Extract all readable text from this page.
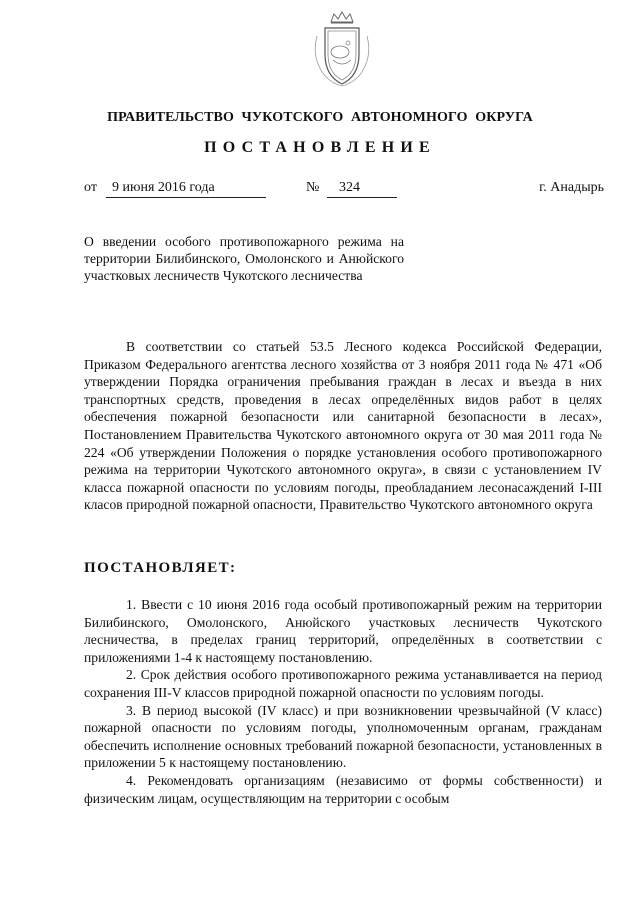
ПРАВИТЕЛЬСТВО ЧУКОТСКОГО АВТОНОМНОГО ОКРУГА
ПОСТАНОВЛЕНИЕ
от 9 июня 2016 года	№ 324	г. Анадырь
О введении особого противопожарного режима на территории Билибинского, Омолонского и Анюйского участковых лесничеств Чукотского лесничества

В соответствии со статьей 53.5 Лесного кодекса Российской Федерации, Приказом Федерального агентства лесного хозяйства от 3 ноября 2011 года № 471 «Об утверждении Порядка ограничения пребывания граждан в лесах и въезда в них транспортных средств, проведения в лесах определённых видов работ в целях обеспечения пожарной безопасности или санитарной безопасности в лесах», Постановлением Правительства Чукотского автономного округа от 30 мая 2011 года № 224 «Об утверждении Положения о порядке установления особого противопожарного режима на территории Чукотского автономного округа», в связи с установлением IV класса пожарной опасности по условиям погоды, преобладанием лесонасаждений I-III класов природной пожарной опасности, Правительство Чукотского автономного округа

ПОСТАНОВЛЯЕТ:

1. Ввести с 10 июня 2016 года особый противопожарный режим на территории Билибинского, Омолонского, Анюйского участковых лесничеств Чукотского лесничества, в пределах границ территорий, определённых в соответствии с приложениями 1-4 к настоящему постановлению.

2. Срок действия особого противопожарного режима устанавливается на период сохранения III-V классов природной пожарной опасности по условиям погоды.

3. В период высокой (IV класс) и при возникновении чрезвычайной (V класс) пожарной опасности по условиям погоды, уполномоченным органам, гражданам обеспечить исполнение основных требований пожарной безопасности, установленных в приложении 5 к настоящему постановлению.

4. Рекомендовать организациям (независимо от формы собственности) и физическим лицам, осуществляющим на территории с особым
